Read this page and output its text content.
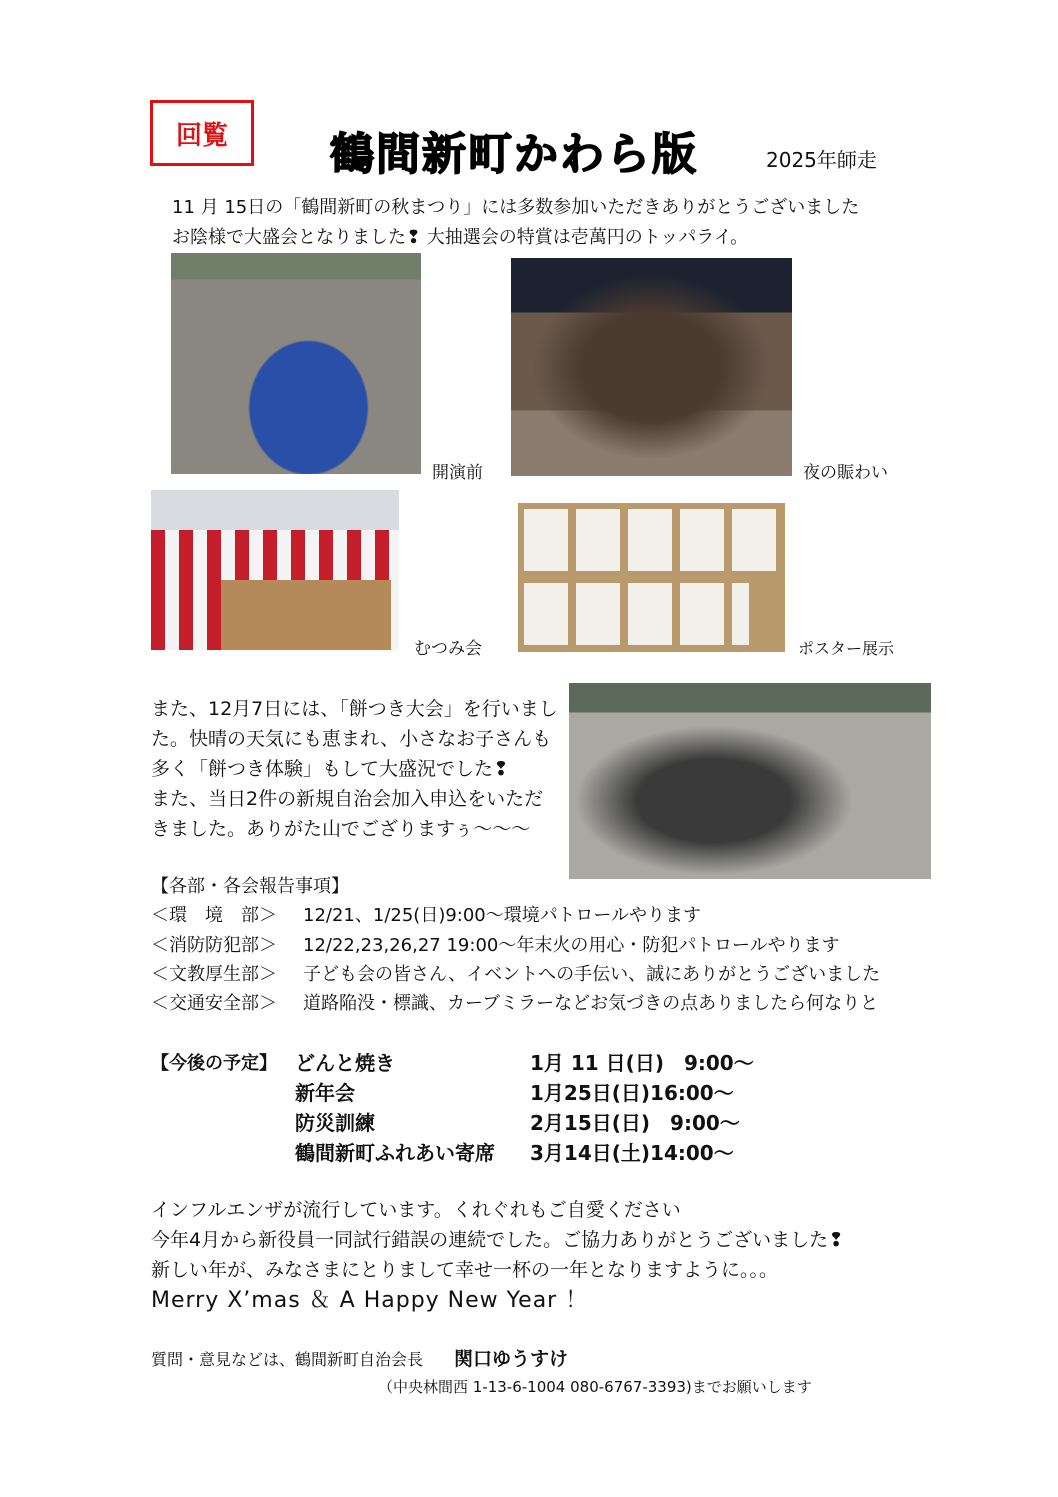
回覧	鶴間新町かわら版	2025年師走
11 月 15日の「鶴間新町の秋まつり」には多数参加いただきありがとうございました
お陰様で大盛会となりました❢ 大抽選会の特賞は壱萬円のトッパライ。
開演前	夜の賑わい
むつみ会	ポスター展示
また、12月7日には、「餅つき大会」を行いまし
た。快晴の天気にも恵まれ、小さなお子さんも
多く「餅つき体験」もして大盛況でした❢
また、当日2件の新規自治会加入申込をいただ
きました。ありがた山でござりますぅ～～～
【各部・各会報告事項】
＜環　境　部＞ 12/21、1/25(日)9:00～環境パトロールやります
＜消防防犯部＞ 12/22,23,26,27 19:00～年末火の用心・防犯パトロールやります
＜文教厚生部＞ 子ども会の皆さん、イベントへの手伝い、誠にありがとうございました
＜交通安全部＞ 道路陥没・標識、カーブミラーなどお気づきの点ありましたら何なりと
【今後の予定】 どんと焼き	1月 11 日(日)　9:00～
新年会	1月25日(日)16:00～
防災訓練	2月15日(日)　9:00～
鶴間新町ふれあい寄席 3月14日(土)14:00～
インフルエンザが流行しています。くれぐれもご自愛ください
今年4月から新役員一同試行錯誤の連続でした。ご協力ありがとうございました❢
新しい年が、みなさまにとりまして幸せ一杯の一年となりますように。。。
Merry X’mas ＆ A Happy New Year ！
質問・意見などは、鶴間新町自治会長 関口ゆうすけ
（中央林間西 1-13-6-1004 080-6767-3393)までお願いします
